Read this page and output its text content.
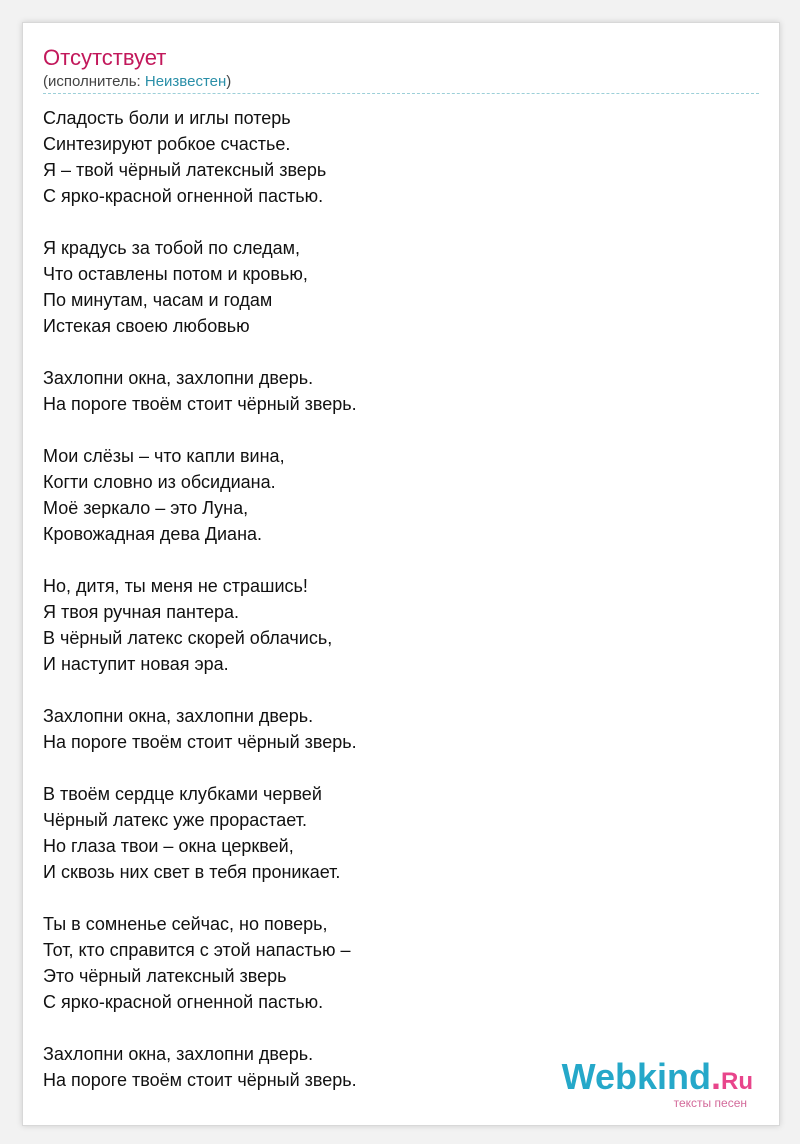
Отсутствует
(исполнитель: Неизвестен)
Сладость боли и иглы потерь
Синтезируют робкое счастье.
Я – твой чёрный латексный зверь
С ярко-красной огненной пастью.
Я крадусь за тобой по следам,
Что оставлены потом и кровью,
По минутам, часам и годам
Истекая своею любовью
Захлопни окна, захлопни дверь.
На пороге твоём стоит чёрный зверь.
Мои слёзы – что капли вина,
Когти словно из обсидиана.
Моё зеркало – это Луна,
Кровожадная дева Диана.
Но, дитя, ты меня не страшись!
Я твоя ручная пантера.
В чёрный латекс скорей облачись,
И наступит новая эра.
Захлопни окна, захлопни дверь.
На пороге твоём стоит чёрный зверь.
В твоём сердце клубками червей
Чёрный латекс уже прорастает.
Но глаза твои – окна церквей,
И сквозь них свет в тебя проникает.
Ты в сомненье сейчас, но поверь,
Тот, кто справится с этой напастью –
Это чёрный латексный зверь
С ярко-красной огненной пастью.
Захлопни окна, захлопни дверь.
На пороге твоём стоит чёрный зверь.	Webkind.Ru
тексты песен
